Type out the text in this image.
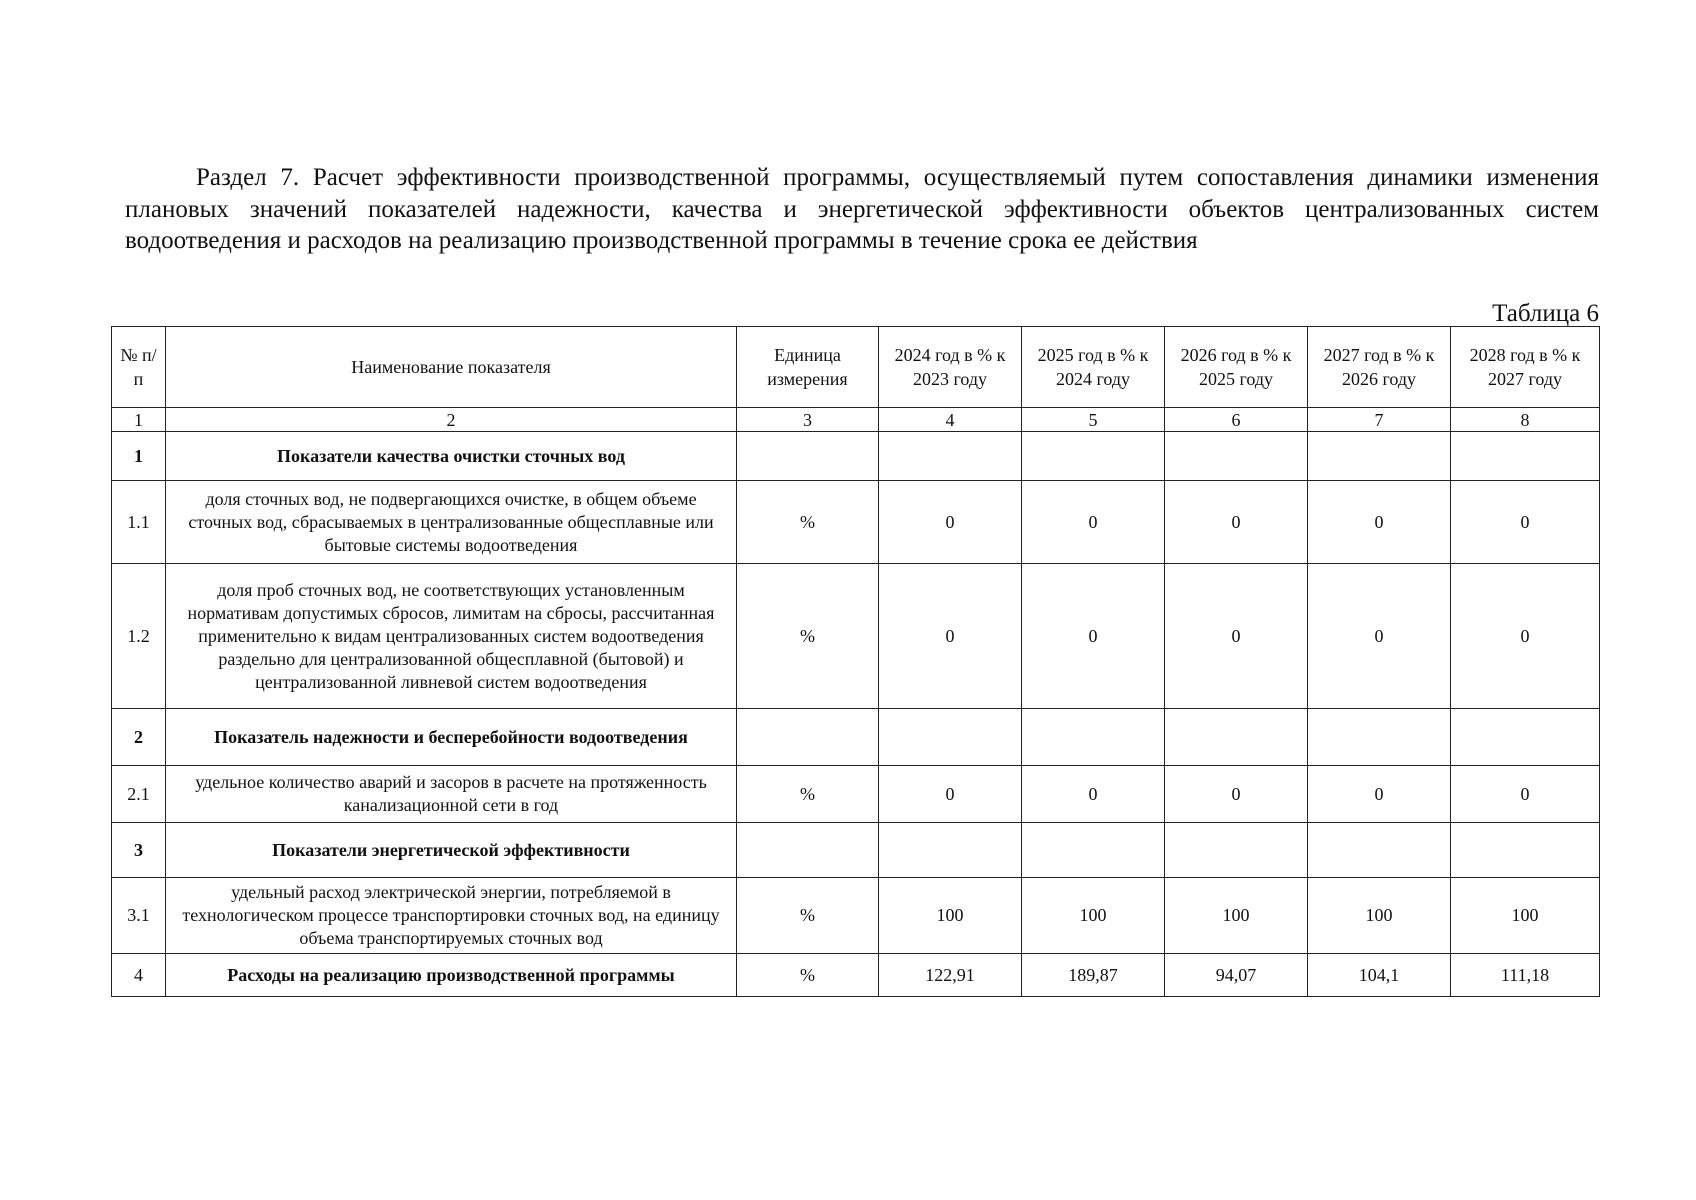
Раздел 7. Расчет эффективности производственной программы, осуществляемый путем сопоставления динамики изменения плановых значений показателей надежности, качества и энергетической эффективности объектов централизованных систем водоотведения и расходов на реализацию производственной программы в течение срока ее действия

Таблица 6
№ п/п	Наименование показателя	Единица измерения	2024 год в % к 2023 году	2025 год в % к 2024 году	2026 год в % к 2025 году	2027 год в % к 2026 году	2028 год в % к 2027 году
1	2	3	4	5	6	7	8
1	Показатели качества очистки сточных вод						
1.1	доля сточных вод, не подвергающихся очистке, в общем объеме сточных вод, сбрасываемых в централизованные общесплавные или бытовые системы водоотведения	%	0	0	0	0	0
1.2	доля проб сточных вод, не соответствующих установленным нормативам допустимых сбросов, лимитам на сбросы, рассчитанная применительно к видам централизованных систем водоотведения раздельно для централизованной общесплавной (бытовой) и централизованной ливневой систем водоотведения	%	0	0	0	0	0
2	Показатель надежности и бесперебойности водоотведения						
2.1	удельное количество аварий и засоров в расчете на протяженность канализационной сети в год	%	0	0	0	0	0
3	Показатели энергетической эффективности						
3.1	удельный расход электрической энергии, потребляемой в технологическом процессе транспортировки сточных вод, на единицу объема транспортируемых сточных вод	%	100	100	100	100	100
4	Расходы на реализацию производственной программы	%	122,91	189,87	94,07	104,1	111,18
